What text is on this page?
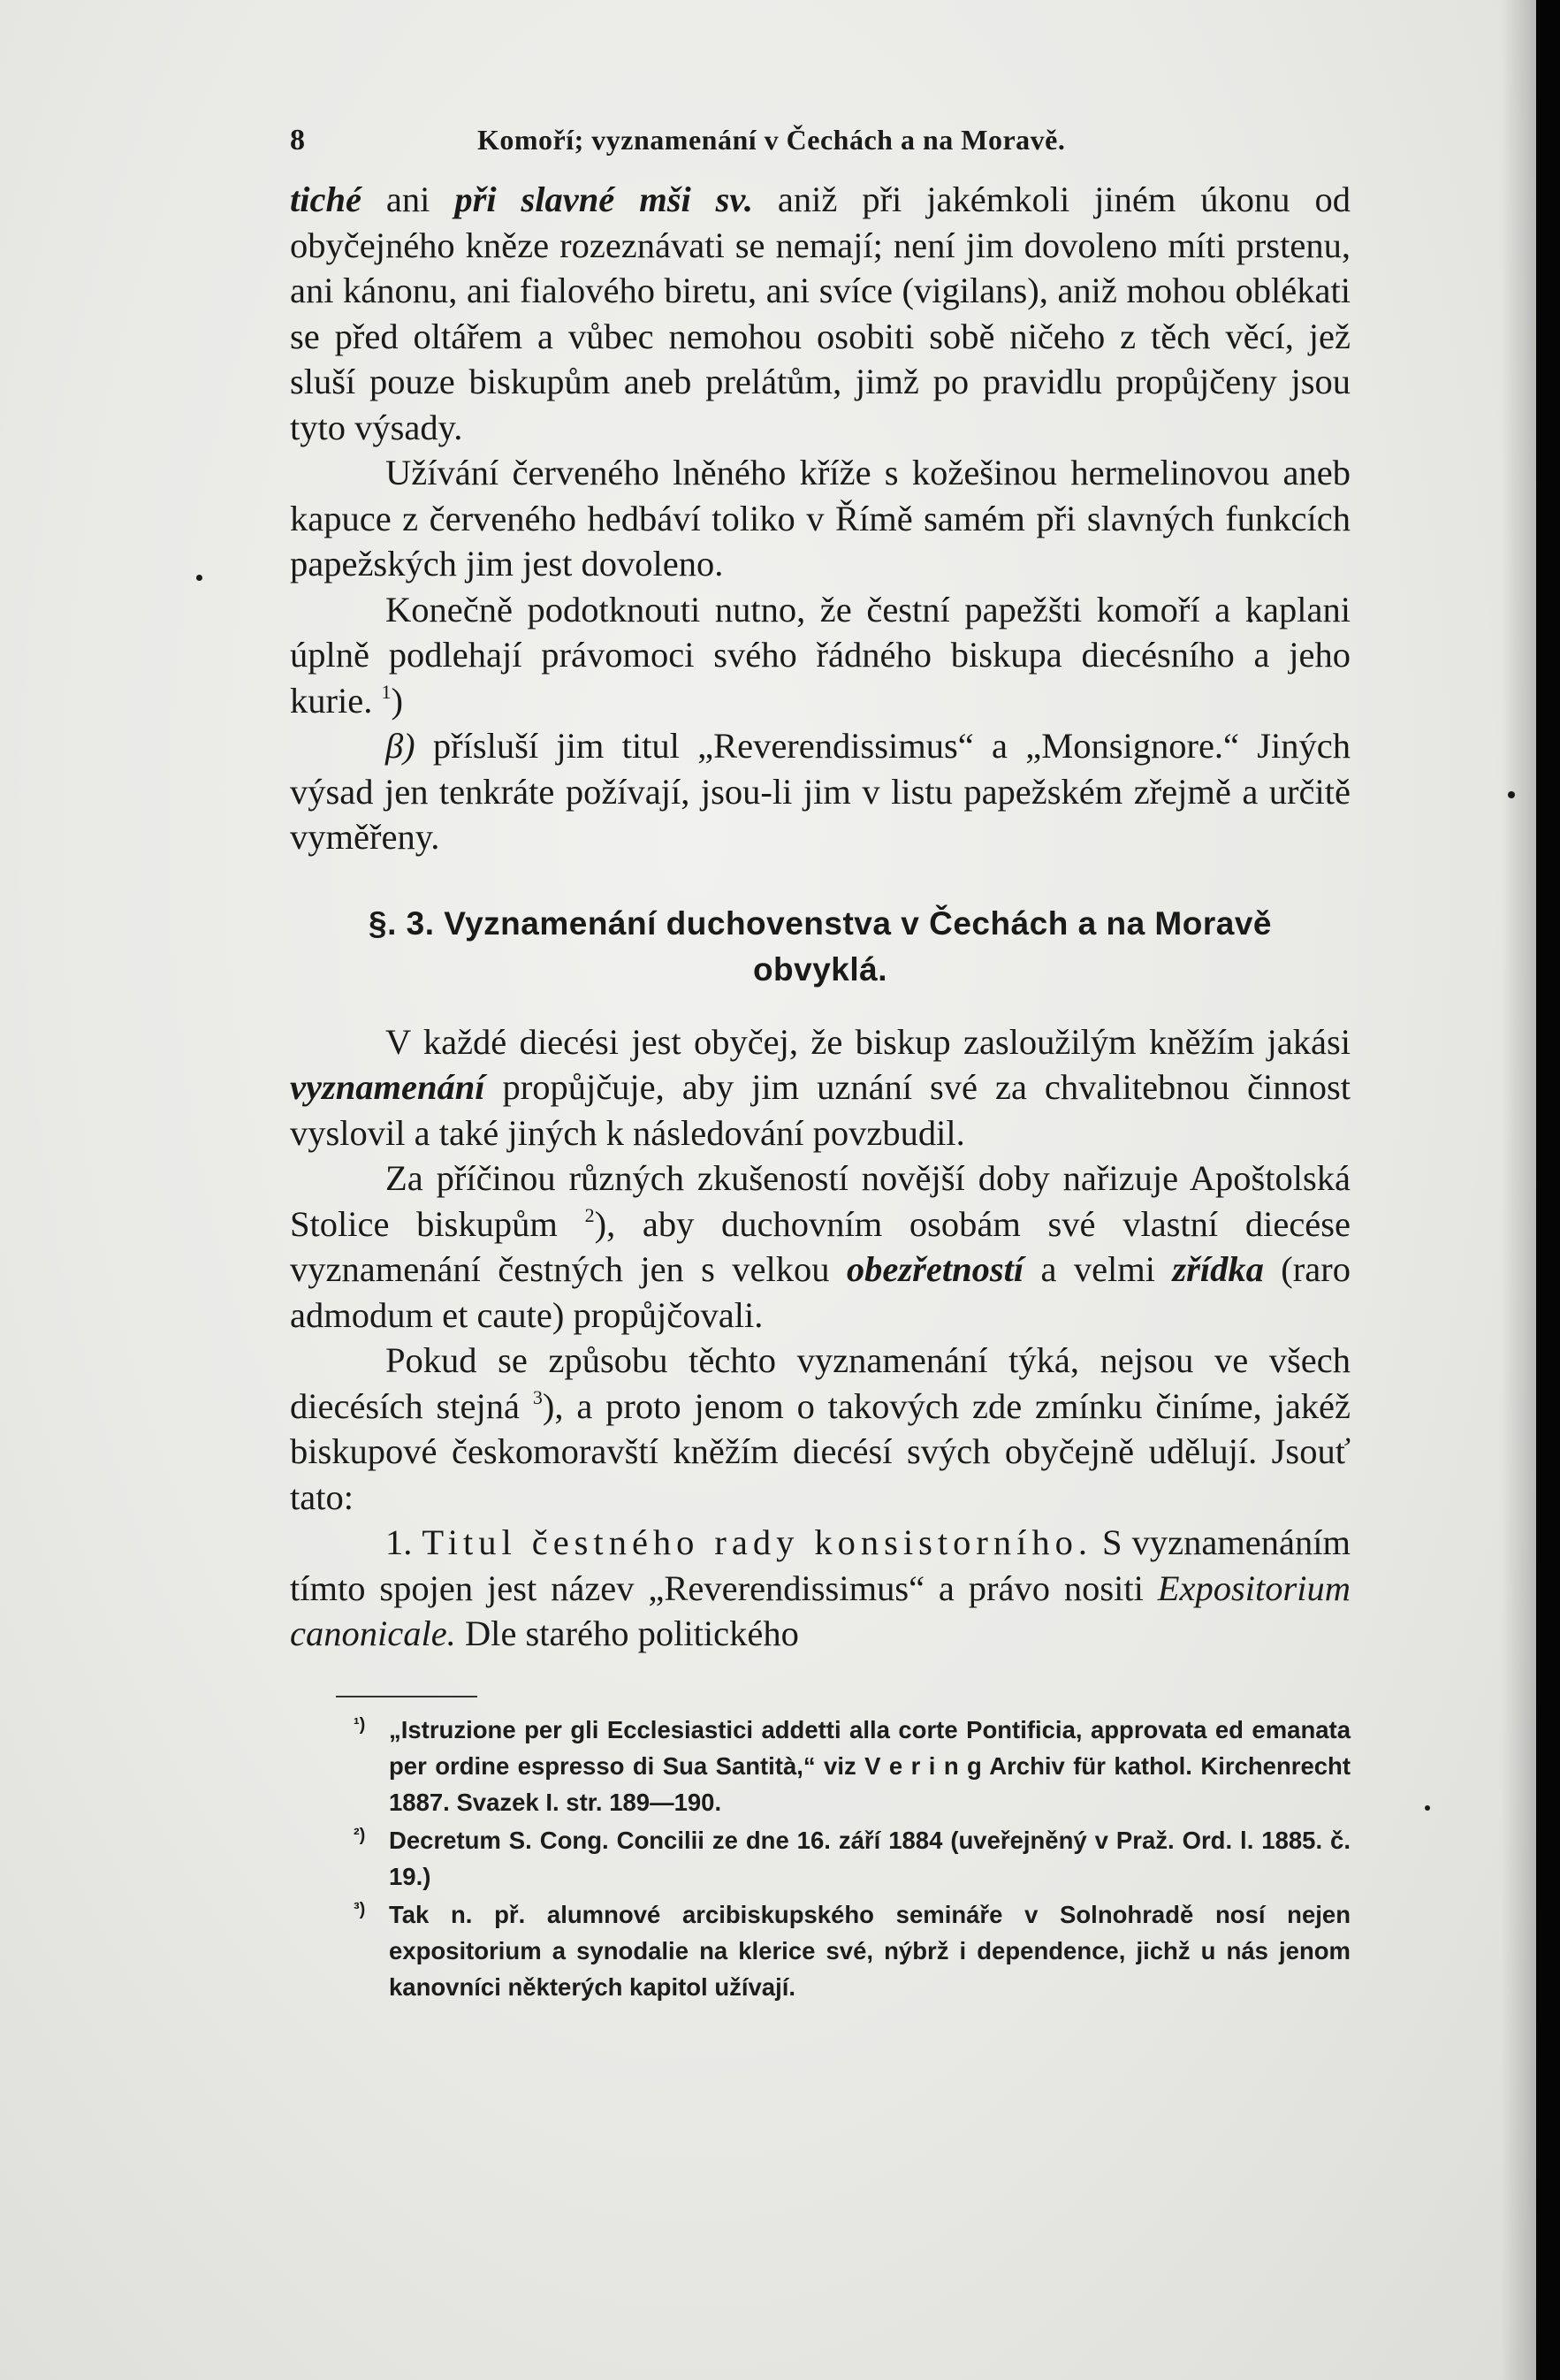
8	Komoří; vyznamenání v Čechách a na Moravě.

tiché ani při slavné mši sv. aniž při jakémkoli jiném úkonu od obyčejného kněze rozeznávati se nemají; není jim dovoleno míti prstenu, ani kánonu, ani fialového biretu, ani svíce (vigilans), aniž mohou oblékati se před oltářem a vůbec nemohou osobiti sobě ničeho z těch věcí, jež sluší pouze biskupům aneb prelátům, jimž po pravidlu propůjčeny jsou tyto výsady.

Užívání červeného lněného kříže s kožešinou hermelinovou aneb kapuce z červeného hedbáví toliko v Římě samém při slavných funkcích papežských jim jest dovoleno.

Konečně podotknouti nutno, že čestní papežšti komoří a kaplani úplně podlehají právomoci svého řádného biskupa diecésního a jeho kurie. $^1$)

β) přísluší jim titul „Reverendissimus“ a „Monsignore.“ Jiných výsad jen tenkráte požívají, jsou-li jim v listu papežském zřejmě a určitě vyměřeny.

§. 3. Vyznamenání duchovenstva v Čechách a na Moravě
obvyklá.

V každé diecési jest obyčej, že biskup zasloužilým kněžím jakási vyznamenání propůjčuje, aby jim uznání své za chvalitebnou činnost vyslovil a také jiných k následování povzbudil.

Za příčinou různých zkušeností novější doby nařizuje Apoštolská Stolice biskupům $^2$), aby duchovním osobám své vlastní diecése vyznamenání čestných jen s velkou obezřetností a velmi zřídka (raro admodum et caute) propůjčovali.

Pokud se způsobu těchto vyznamenání týká, nejsou ve všech diecésích stejná $^3$), a proto jenom o takových zde zmínku činíme, jakéž biskupové českomoravští kněžím diecésí svých obyčejně udělují. Jsouť tato:

1. Titul čestného rady konsistorního. S vyznamenáním tímto spojen jest název „Reverendissimus“ a právo nositi Expositorium canonicale. Dle starého politického

¹) „Istruzione per gli Ecclesiastici addetti alla corte Pontificia, approvata ed emanata per ordine espresso di Sua Santità,“ viz V e r i n g Archiv für kathol. Kirchenrecht 1887. Svazek I. str. 189—190.
²) Decretum S. Cong. Concilii ze dne 16. září 1884 (uveřejněný v Praž. Ord. l. 1885. č. 19.)
³) Tak n. př. alumnové arcibiskupského semináře v Solnohradě nosí nejen expositorium a synodalie na klerice své, nýbrž i dependence, jichž u nás jenom kanovníci některých kapitol užívají.
